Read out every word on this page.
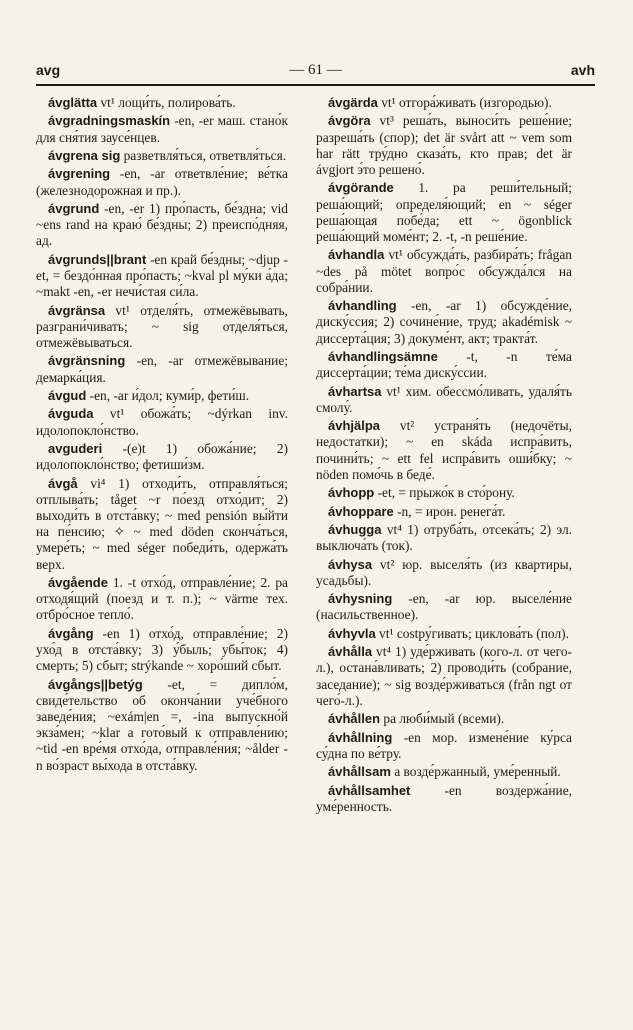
avg	— 61 —	avh
ávglätta vt¹ лощи́ть, полирова́ть.
ávgradningsmaskín -en, -er маш. стано́к для сня́тия заусе́нцев.
ávgrena sig разветвля́ться, ответвля́ться.
ávgrening -en, -ar ответвле́ние; ве́тка (железнодорожная и пр.).
ávgrund -en, -er 1) про́пасть, бе́здна; vid ~ens rand на краю́ бе́здны; 2) преиспо́дняя, ад.
ávgrunds||brant -en край бе́здны; ~djup -et, = бездо́нная про́пасть; ~kval pl му́ки а́да; ~makt -en, -er нечи́стая си́ла.
ávgränsa vt¹ отделя́ть, отмежёвывать, разграни́чивать; ~ sig отделя́ться, отмежёвываться.
ávgränsning -en, -ar отмежёвывание; демарка́ция.
ávgud -en, -ar и́дол; куми́р, фети́ш.
ávguda vt¹ обожа́ть; ~dýrkan inv. идолопокло́нство.
avguderi -(e)t 1) обожа́ние; 2) идолопокло́нство; фетиши́зм.
ávgå vi⁴ 1) отходи́ть, отправля́ться; отплыва́ть; tåget ~r по́езд отхо́дит; 2) выходи́ть в отста́вку; ~ med pensión вы́йти на пе́нсию; ✧ ~ med döden сконча́ться, умере́ть; ~ med séger победи́ть, одержа́ть верх.
ávgående 1. -t отхо́д, отправле́ние; 2. pa отходя́щий (поезд и т. п.); ~ värme тех. отбро́сное тепло́.
ávgång -en 1) отхо́д, отправле́ние; 2) ухо́д в отста́вку; 3) у́быль; убы́ток; 4) смерть; 5) сбыт; strýkande ~ хоро́ший сбыт.
ávgångs||betýg -et, = дипло́м, свиде́тельство об оконча́нии уче́бного заведе́ния; ~exám|en =, -ina выпускно́й экза́мен; ~klar а гото́вый к отправле́нию; ~tid -en вре́мя отхо́да, отправле́ния; ~ålder -n во́зраст вы́хода в отста́вку.
ávgärda vt¹ отгора́живать (изгородью).
ávgöra vt³ реша́ть, выноси́ть реше́ние; разреша́ть (спор); det är svårt att ~ vem som har rätt тру́дно сказа́ть, кто прав; det är ávgjort э́то решено́.
ávgörande 1. pa реши́тельный; реша́ющий; определя́ющий; en ~ séger реша́ющая побе́да; ett ~ ögonblick реша́ющий моме́нт; 2. -t, -n реше́ние.
ávhandla vt¹ обсужда́ть, разбира́ть; frågan ~des på mötet вопро́с обсужда́лся на собра́нии.
ávhandling -en, -ar 1) обсужде́ние, диску́ссия; 2) сочине́ние, труд; akadémisk ~ диссерта́ция; 3) докуме́нт, акт; тракта́т.
ávhandlingsämne -t, -n те́ма диссерта́ции; те́ма диску́ссии.
ávhartsa vt¹ хим. обессмо́ливать, удаля́ть смолу́.
ávhjälpa vt² устраня́ть (недочёты, недостатки); ~ en skáda испра́вить, почини́ть; ~ ett fel испра́вить оши́бку; ~ nöden помо́чь в беде́.
ávhopp -et, = прыжо́к в сто́рону.
ávhoppare -n, = ирон. ренега́т.
ávhugga vt⁴ 1) отруба́ть, отсека́ть; 2) эл. выключа́ть (ток).
ávhysa vt² юр. выселя́ть (из квартиры, усадьбы).
ávhysning -en, -ar юр. выселе́ние (насильственное).
ávhyvla vt¹ сostру́гивать; циклова́ть (пол).
ávhålla vt⁴ 1) уде́рживать (кого-л. от чего-л.), остана́вливать; 2) проводи́ть (собрание, заседание); ~ sig возде́рживаться (från ngt от чего́-л.).
ávhållen pa люби́мый (всеми).
ávhållning -en мор. измене́ние ку́рса су́дна по ве́тру.
ávhållsam а возде́ржанный, уме́ренный.
ávhållsamhet -en воздержа́ние, уме́ренность.
